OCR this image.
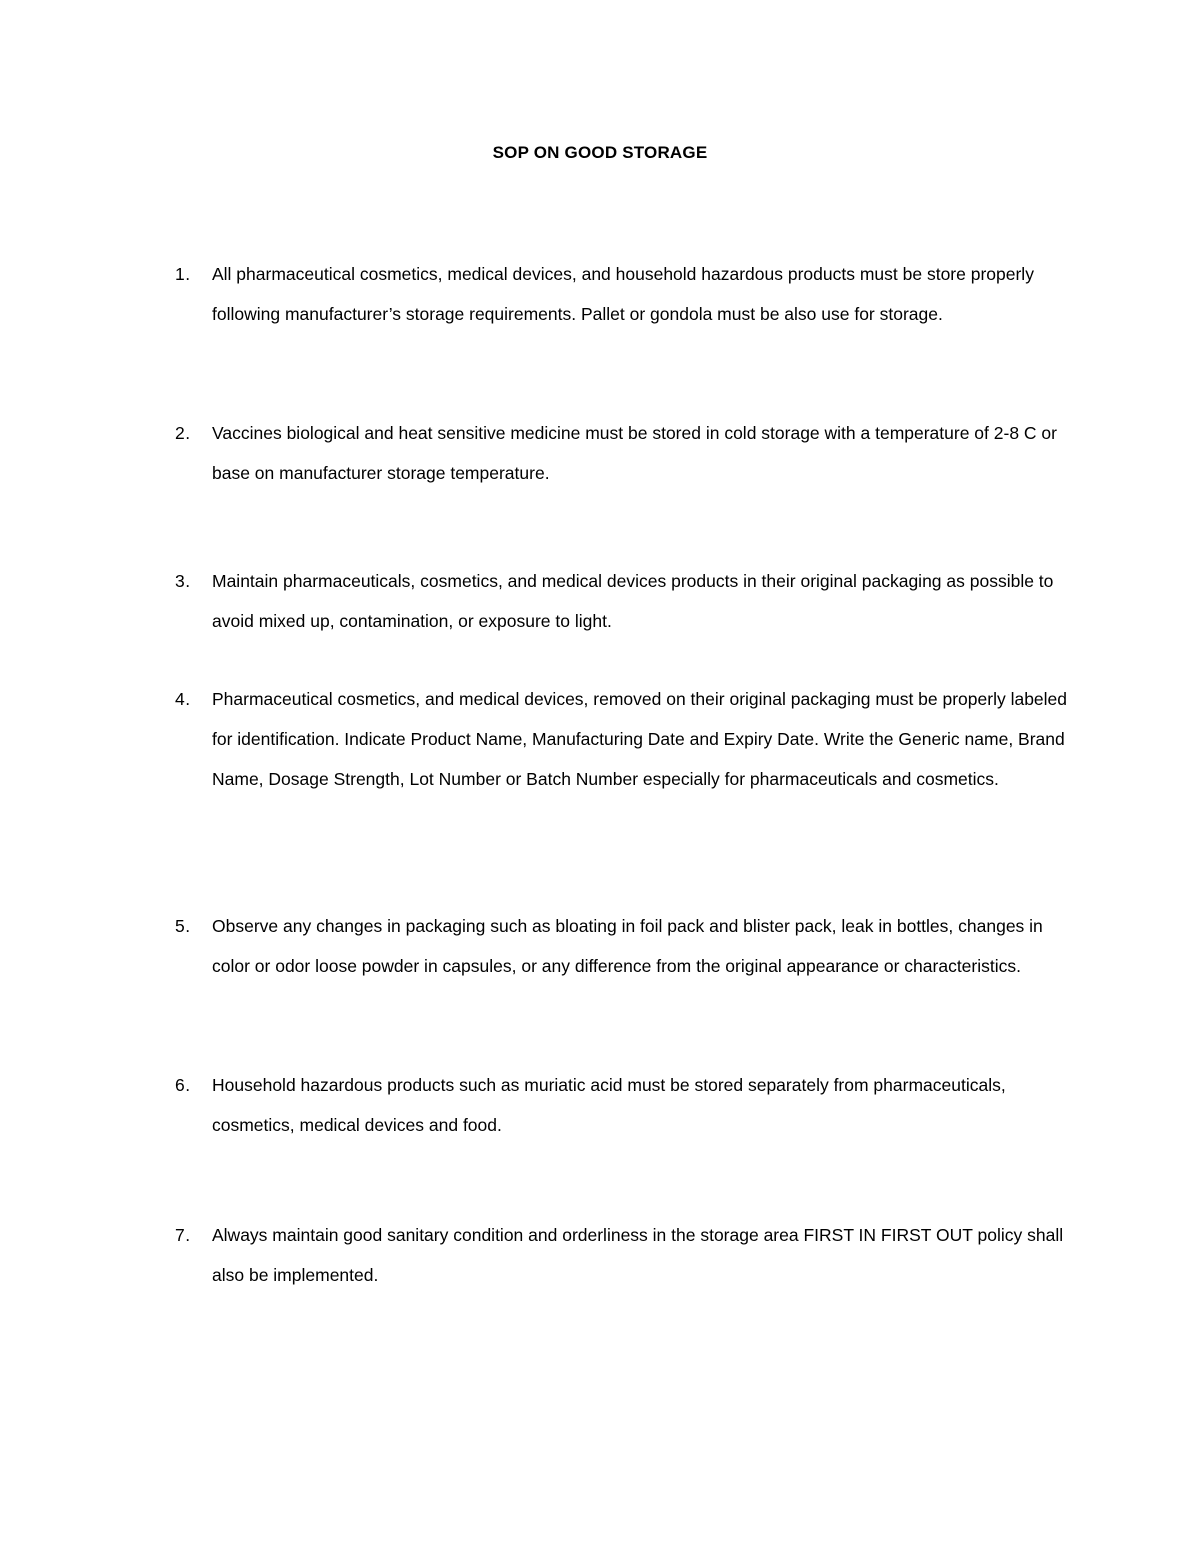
SOP ON GOOD STORAGE
1. All pharmaceutical cosmetics, medical devices, and household hazardous products must be store properly following manufacturer’s storage requirements. Pallet or gondola must be also use for storage.
2. Vaccines biological and heat sensitive medicine must be stored in cold storage with a temperature of 2-8 C or base on manufacturer storage temperature.
3. Maintain pharmaceuticals, cosmetics, and medical devices products in their original packaging as possible to avoid mixed up, contamination, or exposure to light.
4. Pharmaceutical cosmetics, and medical devices, removed on their original packaging must be properly labeled for identification. Indicate Product Name, Manufacturing Date and Expiry Date. Write the Generic name, Brand Name, Dosage Strength, Lot Number or Batch Number especially for pharmaceuticals and cosmetics.
5. Observe any changes in packaging such as bloating in foil pack and blister pack, leak in bottles, changes in color or odor loose powder in capsules, or any difference from the original appearance or characteristics.
6. Household hazardous products such as muriatic acid must be stored separately from pharmaceuticals, cosmetics, medical devices and food.
7. Always maintain good sanitary condition and orderliness in the storage area FIRST IN FIRST OUT policy shall also be implemented.
